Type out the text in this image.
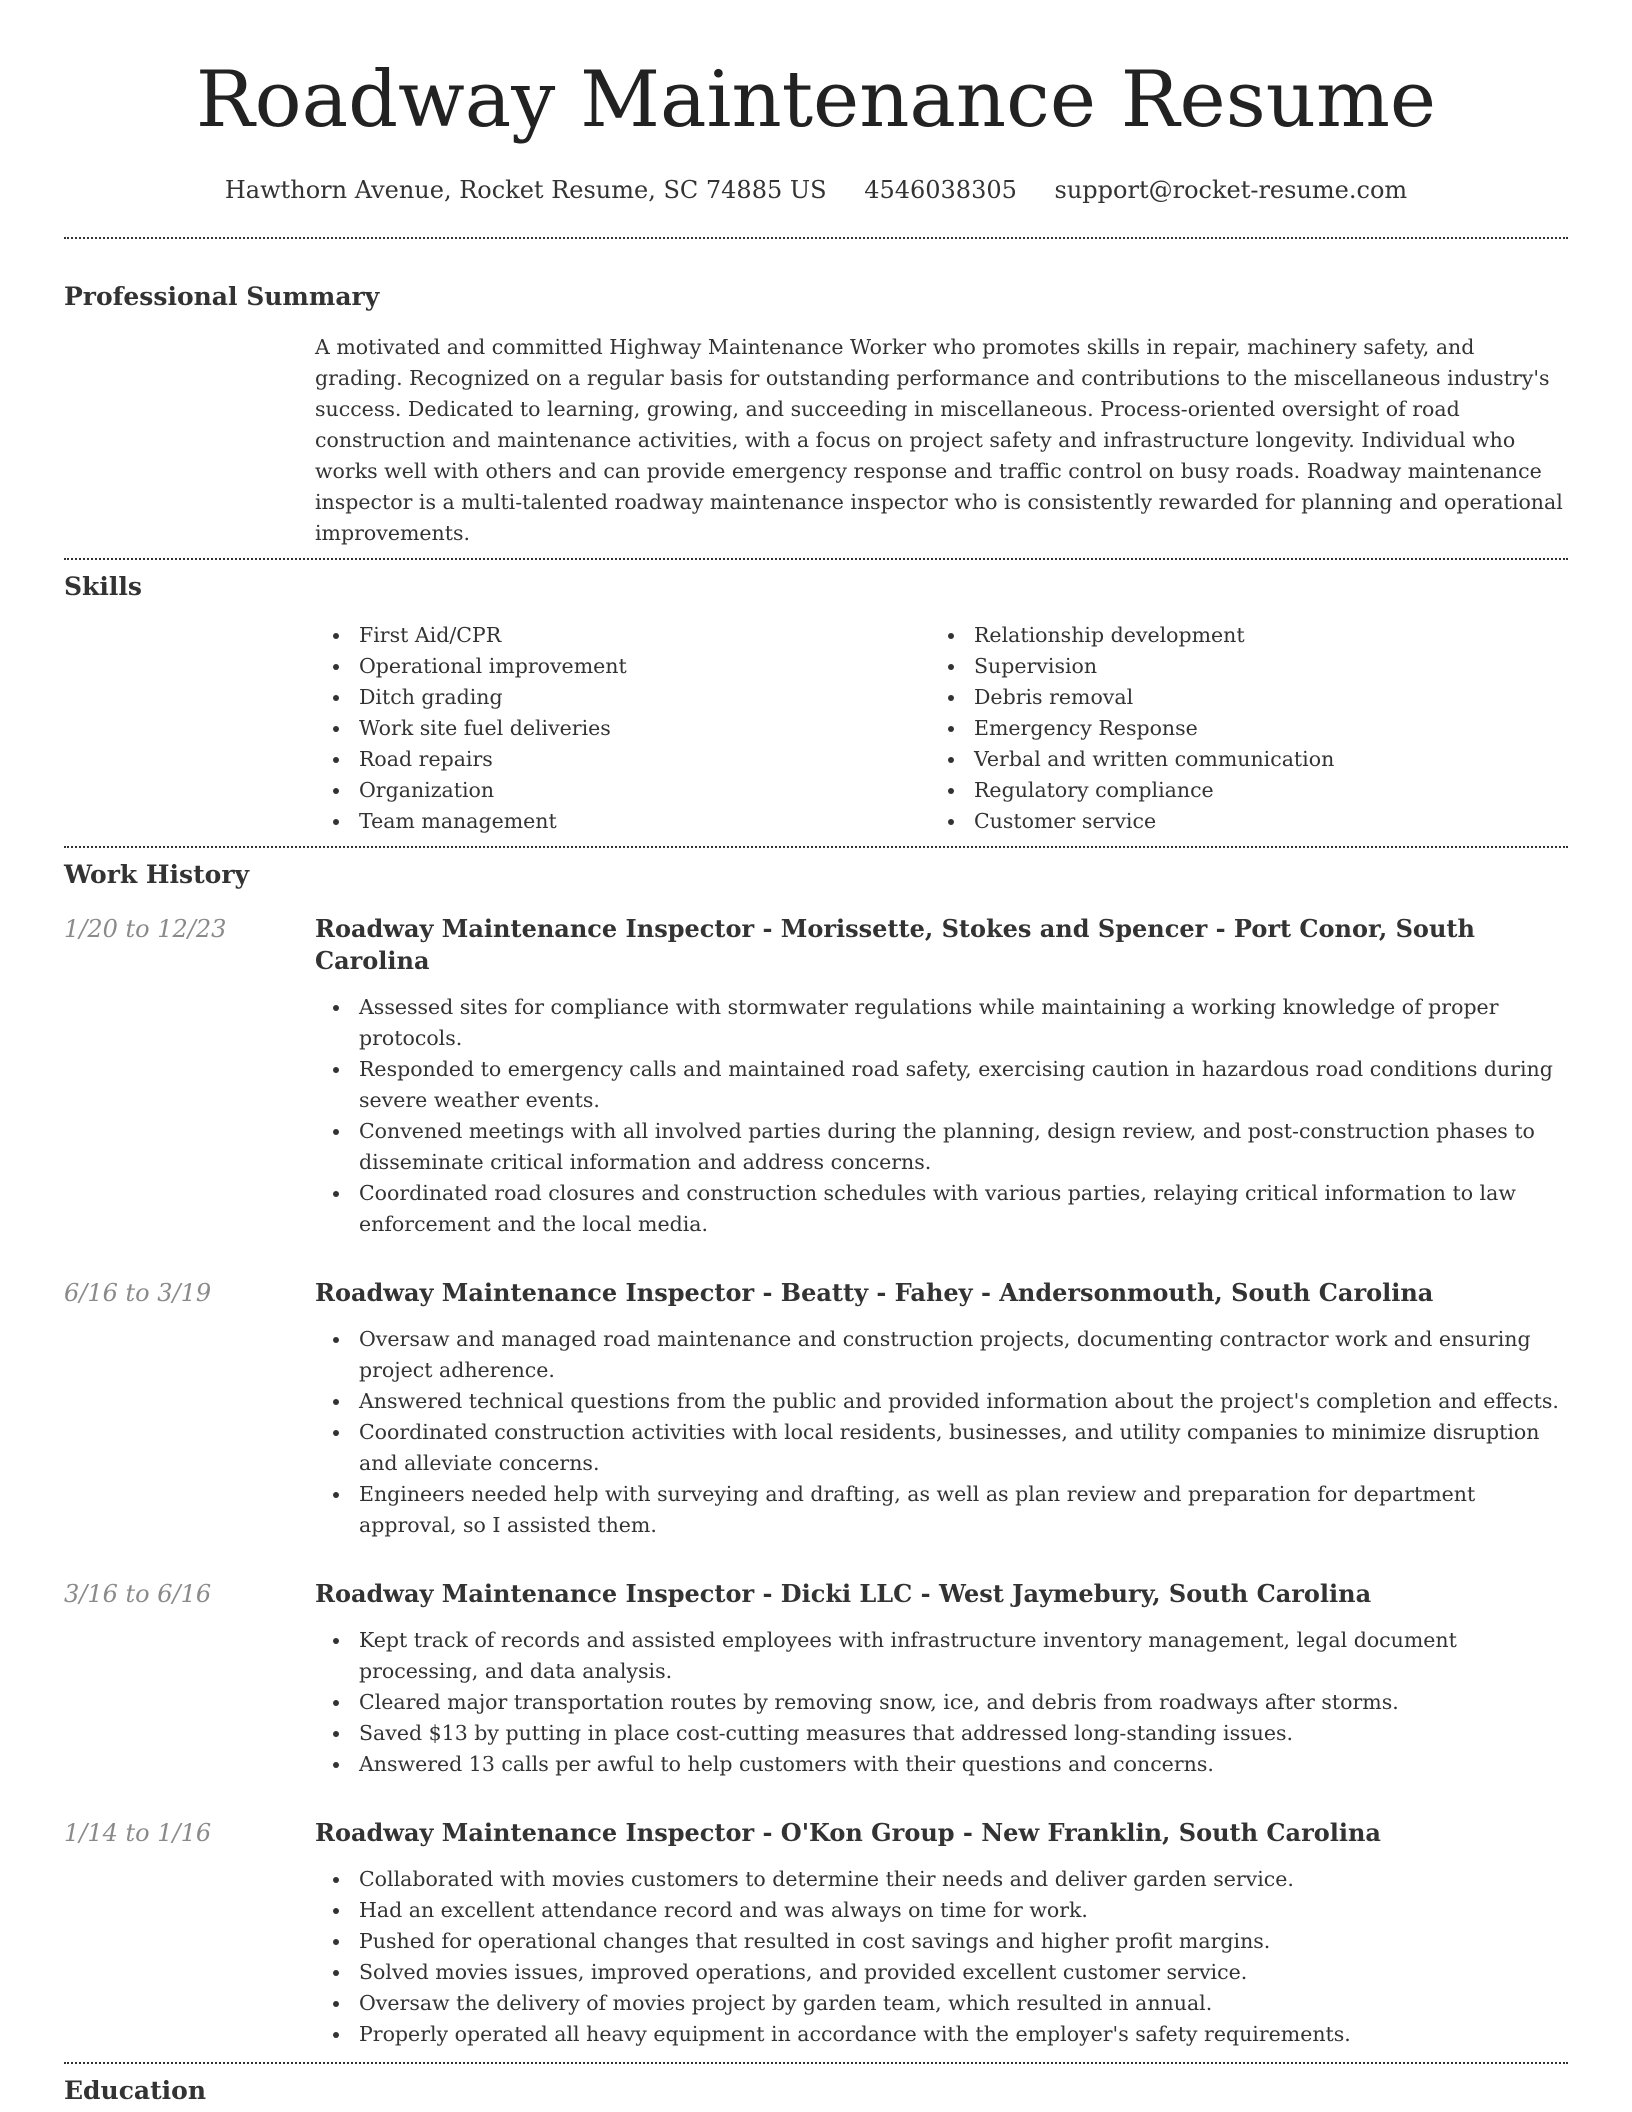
Roadway Maintenance Resume
Hawthorn Avenue, Rocket Resume, SC 74885 US 4546038305 support@rocket-resume.com
Professional Summary

A motivated and committed Highway Maintenance Worker who promotes skills in repair, machinery safety, and grading. Recognized on a regular basis for outstanding performance and contributions to the miscellaneous industry's success. Dedicated to learning, growing, and succeeding in miscellaneous. Process-oriented oversight of road construction and maintenance activities, with a focus on project safety and infrastructure longevity. Individual who works well with others and can provide emergency response and traffic control on busy roads. Roadway maintenance inspector is a multi-talented roadway maintenance inspector who is consistently rewarded for planning and operational improvements.

Skills
First Aid/CPR
Operational improvement
Ditch grading
Work site fuel deliveries
Road repairs
Organization
Team management
Relationship development
Supervision
Debris removal
Emergency Response
Verbal and written communication
Regulatory compliance
Customer service
Work History
1/20 to 12/23	Roadway Maintenance Inspector - Morissette, Stokes and Spencer - Port Conor, South Carolina
Assessed sites for compliance with stormwater regulations while maintaining a working knowledge of proper protocols.
Responded to emergency calls and maintained road safety, exercising caution in hazardous road conditions during severe weather events.
Convened meetings with all involved parties during the planning, design review, and post-construction phases to disseminate critical information and address concerns.
Coordinated road closures and construction schedules with various parties, relaying critical information to law enforcement and the local media.
6/16 to 3/19	Roadway Maintenance Inspector - Beatty - Fahey - Andersonmouth, South Carolina
Oversaw and managed road maintenance and construction projects, documenting contractor work and ensuring project adherence.
Answered technical questions from the public and provided information about the project's completion and effects.
Coordinated construction activities with local residents, businesses, and utility companies to minimize disruption and alleviate concerns.
Engineers needed help with surveying and drafting, as well as plan review and preparation for department approval, so I assisted them.
3/16 to 6/16	Roadway Maintenance Inspector - Dicki LLC - West Jaymebury, South Carolina
Kept track of records and assisted employees with infrastructure inventory management, legal document processing, and data analysis.
Cleared major transportation routes by removing snow, ice, and debris from roadways after storms.
Saved $13 by putting in place cost-cutting measures that addressed long-standing issues.
Answered 13 calls per awful to help customers with their questions and concerns.
1/14 to 1/16	Roadway Maintenance Inspector - O'Kon Group - New Franklin, South Carolina
Collaborated with movies customers to determine their needs and deliver garden service.
Had an excellent attendance record and was always on time for work.
Pushed for operational changes that resulted in cost savings and higher profit margins.
Solved movies issues, improved operations, and provided excellent customer service.
Oversaw the delivery of movies project by garden team, which resulted in annual.
Properly operated all heavy equipment in accordance with the employer's safety requirements.
Education
